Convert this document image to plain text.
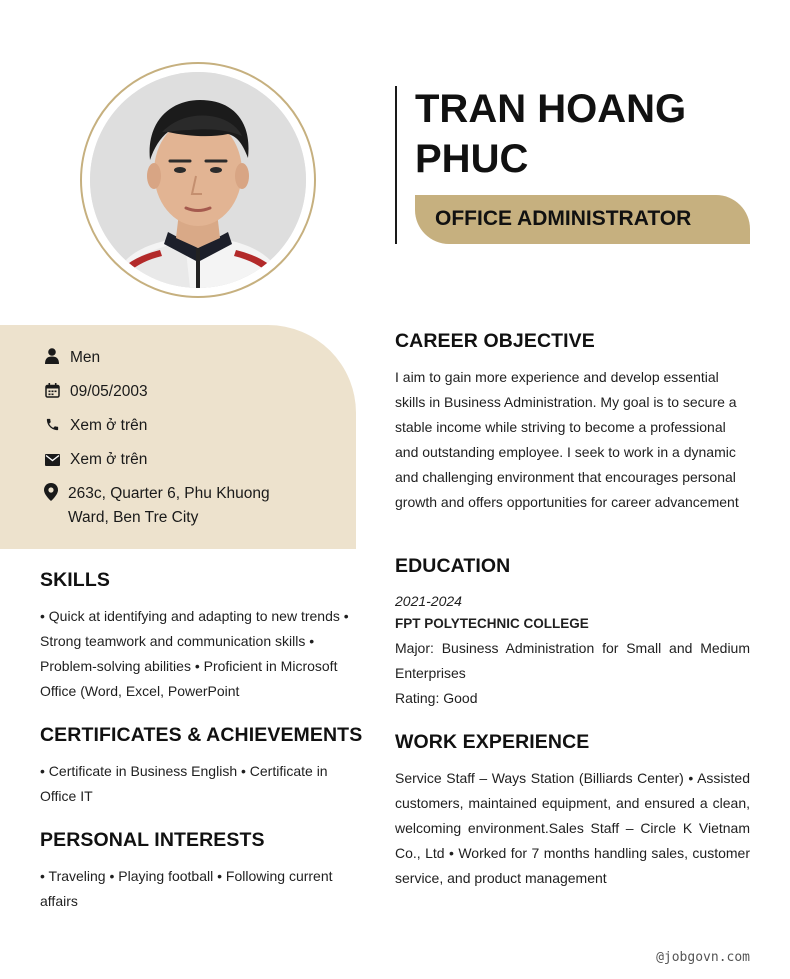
TRAN HOANG PHUC
OFFICE ADMINISTRATOR
Men
09/05/2003
Xem ở trên
Xem ở trên
263c, Quarter 6, Phu Khuong Ward, Ben Tre City
SKILLS
• Quick at identifying and adapting to new trends • Strong teamwork and communication skills • Problem-solving abilities • Proficient in Microsoft Office (Word, Excel, PowerPoint
CERTIFICATES & ACHIEVEMENTS
• Certificate in Business English • Certificate in Office IT
PERSONAL INTERESTS
• Traveling • Playing football • Following current affairs
CAREER OBJECTIVE
I aim to gain more experience and develop essential skills in Business Administration. My goal is to secure a stable income while striving to become a professional and outstanding employee. I seek to work in a dynamic and challenging environment that encourages personal growth and offers opportunities for career advancement
EDUCATION
2021-2024
FPT POLYTECHNIC COLLEGE
Major: Business Administration for Small and Medium Enterprises
Rating: Good
WORK EXPERIENCE
Service Staff – Ways Station (Billiards Center) • Assisted customers, maintained equipment, and ensured a clean, welcoming environment.Sales Staff – Circle K Vietnam Co., Ltd • Worked for 7 months handling sales, customer service, and product management
@jobgovn.com
